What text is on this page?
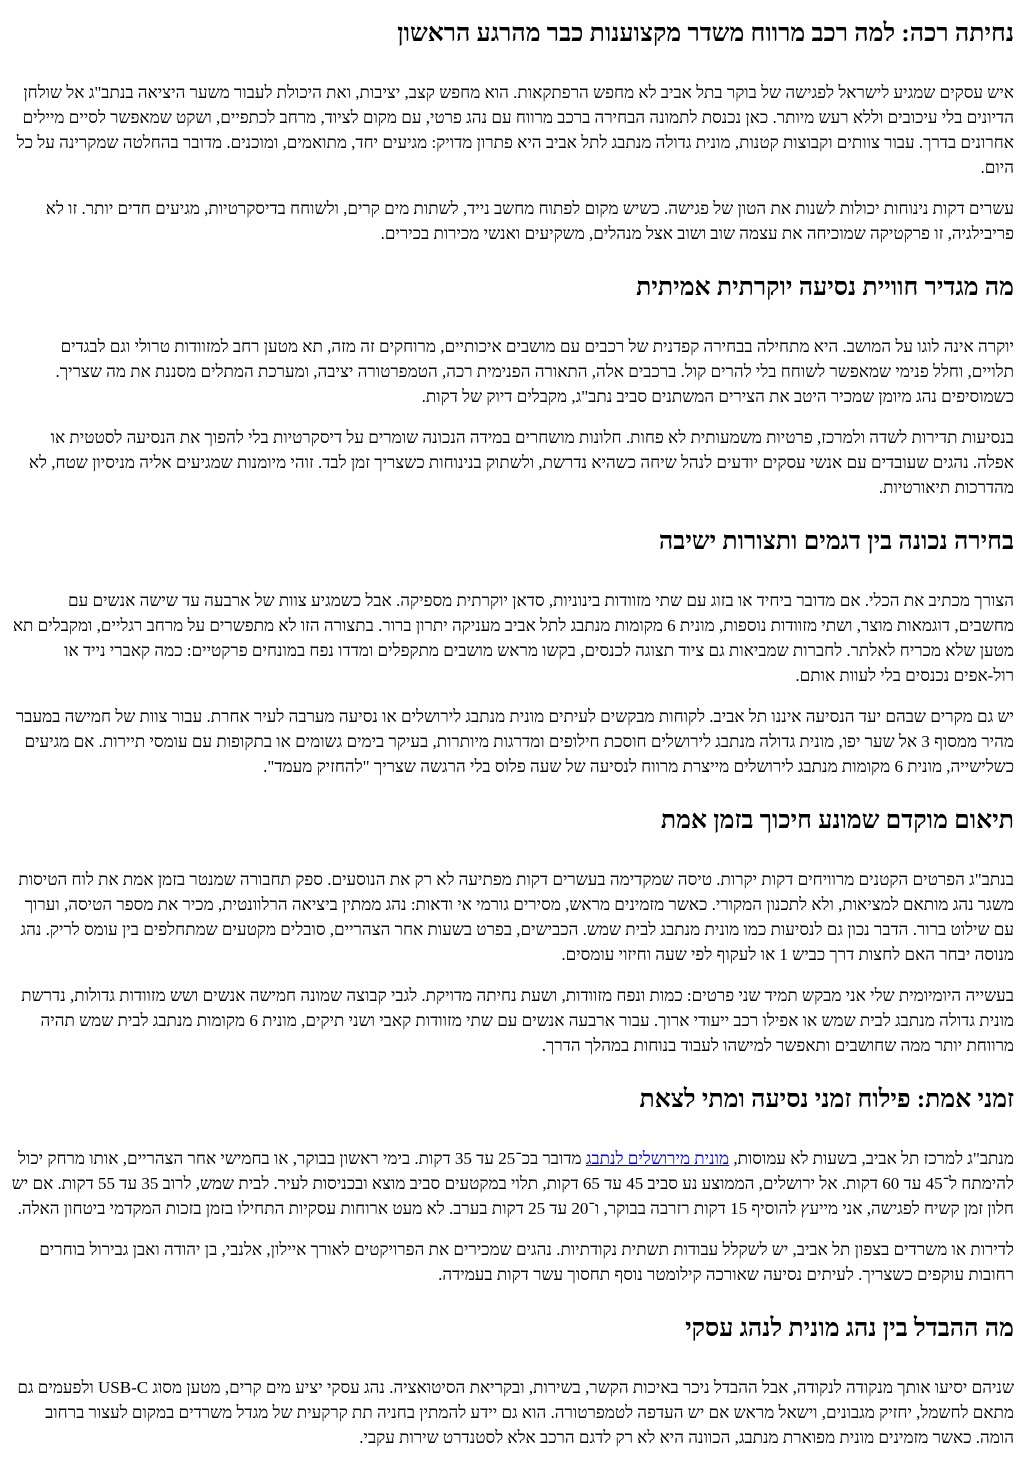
נחיתה רכה: למה רכב מרווח משדר מקצוענות כבר מהרגע הראשון

איש עסקים שמגיע לישראל לפגישה של בוקר בתל אביב לא מחפש הרפתקאות. הוא מחפש קצב, יציבות, ואת היכולת לעבור משער היציאה בנתב"ג אל שולחן הדיונים בלי עיכובים וללא רעש מיותר. כאן נכנסת לתמונה הבחירה ברכב מרווח עם נהג פרטי, עם מקום לציוד, מרחב לכתפיים, ושקט שמאפשר לסיים מיילים אחרונים בדרך. עבור צוותים וקבוצות קטנות, מונית גדולה מנתבג לתל אביב היא פתרון מדויק: מגיעים יחד, מתואמים, ומוכנים. מדובר בהחלטה שמקרינה על כל היום.

עשרים דקות נינוחות יכולות לשנות את הטון של פגישה. כשיש מקום לפתוח מחשב נייד, לשתות מים קרים, ולשוחח בדיסקרטיות, מגיעים חדים יותר. זו לא פריבילגיה, זו פרקטיקה שמוכיחה את עצמה שוב ושוב אצל מנהלים, משקיעים ואנשי מכירות בכירים.

מה מגדיר חוויית נסיעה יוקרתית אמיתית

יוקרה אינה לוגו על המושב. היא מתחילה בבחירה קפדנית של רכבים עם מושבים איכותיים, מרוחקים זה מזה, תא מטען רחב למזוודות טרולי וגם לבגדים תלויים, וחלל פנימי שמאפשר לשוחח בלי להרים קול. ברכבים אלה, התאורה הפנימית רכה, הטמפרטורה יציבה, ומערכת המתלים מסננת את מה שצריך. כשמוסיפים נהג מיומן שמכיר היטב את הצירים המשתנים סביב נתב"ג, מקבלים דיוק של דקות.

בנסיעות תדירות לשדה ולמרכז, פרטיות משמעותית לא פחות. חלונות מושחרים במידה הנכונה שומרים על דיסקרטיות בלי להפוך את הנסיעה לסטטית או אפלה. נהגים שעובדים עם אנשי עסקים יודעים לנהל שיחה כשהיא נדרשת, ולשתוק בנינוחות כשצריך זמן לבד. זוהי מיומנות שמגיעים אליה מניסיון שטח, לא מהדרכות תיאורטיות.

בחירה נכונה בין דגמים ותצורות ישיבה

הצורך מכתיב את הכלי. אם מדובר ביחיד או בזוג עם שתי מזוודות בינוניות, סדאן יוקרתית מספיקה. אבל כשמגיע צוות של ארבעה עד שישה אנשים עם מחשבים, דוגמאות מוצר, ושתי מזוודות נוספות, מונית 6 מקומות מנתבג לתל אביב מעניקה יתרון ברור. בתצורה הזו לא מתפשרים על מרחב רגליים, ומקבלים תא מטען שלא מכריח לאלתר. לחברות שמביאות גם ציוד תצוגה לכנסים, בקשו מראש מושבים מתקפלים ומדדו נפח במונחים פרקטיים: כמה קאברי נייד או רול-אפים נכנסים בלי לעוות אותם.

יש גם מקרים שבהם יעד הנסיעה איננו תל אביב. לקוחות מבקשים לעיתים מונית מנתבג לירושלים או נסיעה מערבה לעיר אחרת. עבור צוות של חמישה במעבר מהיר ממסוף 3 אל שער יפו, מונית גדולה מנתבג לירושלים חוסכת חילופים ומדרגות מיותרות, בעיקר בימים גשומים או בתקופות עם עומסי תיירות. אם מגיעים כשלישייה, מונית 6 מקומות מנתבג לירושלים מייצרת מרווח לנסיעה של שעה פלוס בלי הרגשה שצריך "להחזיק מעמד".

תיאום מוקדם שמונע חיכוך בזמן אמת

בנתב"ג הפרטים הקטנים מרוויחים דקות יקרות. טיסה שמקדימה בעשרים דקות מפתיעה לא רק את הנוסעים. ספק תחבורה שמנטר בזמן אמת את לוח הטיסות משגר נהג מותאם למציאות, ולא לתכנון המקורי. כאשר מזמינים מראש, מסירים גורמי אי ודאות: נהג ממתין ביציאה הרלוונטית, מכיר את מספר הטיסה, וערוך עם שילוט ברור. הדבר נכון גם לנסיעות כמו מונית מנתבג לבית שמש. הכבישים, בפרט בשעות אחר הצהריים, סובלים מקטעים שמתחלפים בין עומס לריק. נהג מנוסה יבחר האם לחצות דרך כביש 1 או לעקוף לפי שעה וחיזוי עומסים.

בעשייה היומיומית שלי אני מבקש תמיד שני פרטים: כמות ונפח מזוודות, ושעת נחיתה מדויקת. לגבי קבוצה שמונה חמישה אנשים ושש מזוודות גדולות, נדרשת מונית גדולה מנתבג לבית שמש או אפילו רכב ייעודי ארוך. עבור ארבעה אנשים עם שתי מזוודות קאבי ושני תיקים, מונית 6 מקומות מנתבג לבית שמש תהיה מרווחת יותר ממה שחושבים ותאפשר למישהו לעבוד בנוחות במהלך הדרך.

זמני אמת: פילוח זמני נסיעה ומתי לצאת

מנתב"ג למרכז תל אביב, בשעות לא עמוסות, מונית מירושלים לנתבג מדובר בכ־25 עד 35 דקות. בימי ראשון בבוקר, או בחמישי אחר הצהריים, אותו מרחק יכול להימתח ל־45 עד 60 דקות. אל ירושלים, הממוצע נע סביב 45 עד 65 דקות, תלוי במקטעים סביב מוצא ובכניסות לעיר. לבית שמש, לרוב 35 עד 55 דקות. אם יש חלון זמן קשיח לפגישה, אני מייעץ להוסיף 15 דקות רזרבה בבוקר, ו־20 עד 25 דקות בערב. לא מעט ארוחות עסקיות התחילו בזמן בזכות המקדמי ביטחון האלה.

לדירות או משרדים בצפון תל אביב, יש לשקלל עבודות תשתית נקודתיות. נהגים שמכירים את הפרויקטים לאורך איילון, אלנבי, בן יהודה ואבן גבירול בוחרים רחובות עוקפים כשצריך. לעיתים נסיעה שאורכה קילומטר נוסף תחסוך עשר דקות בעמידה.

מה ההבדל בין נהג מונית לנהג עסקי

שניהם יסיעו אותך מנקודה לנקודה, אבל ההבדל ניכר באיכות הקשר, בשירות, ובקריאת הסיטואציה. נהג עסקי יציע מים קרים, מטען מסוג USB-C ולפעמים גם מתאם לחשמל, יחזיק מגבונים, וישאל מראש אם יש העדפה לטמפרטורה. הוא גם יידע להמתין בחניה תת קרקעית של מגדל משרדים במקום לעצור ברחוב הומה. כאשר מזמינים מונית מפוארת מנתבג, הכוונה היא לא רק לדגם הרכב אלא לסטנדרט שירות עקבי.
